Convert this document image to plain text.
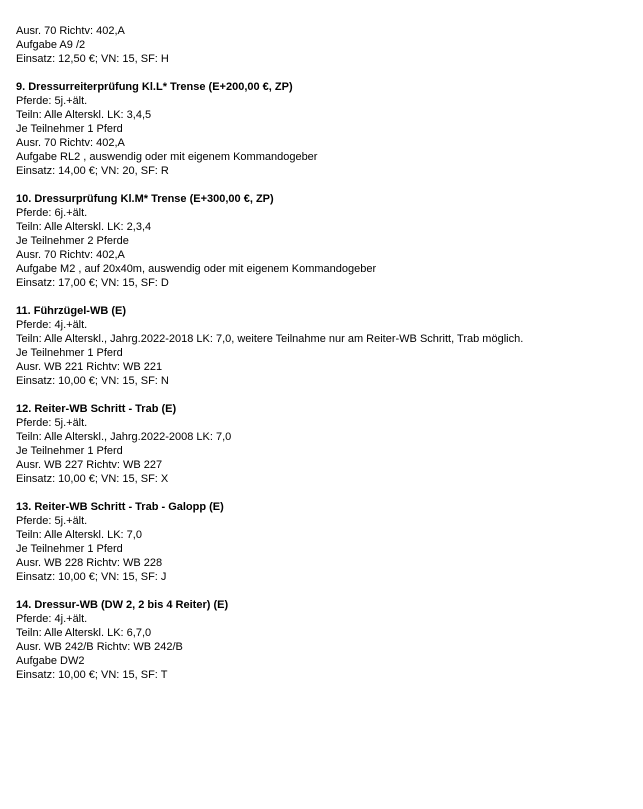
Ausr. 70 Richtv: 402,A
Aufgabe A9 /2
Einsatz: 12,50 €; VN: 15, SF: H
9. Dressurreiterprüfung Kl.L* Trense (E+200,00 €, ZP)
Pferde: 5j.+ält.
Teiln: Alle Alterskl. LK: 3,4,5
Je Teilnehmer 1 Pferd
Ausr. 70 Richtv: 402,A
Aufgabe RL2 , auswendig oder mit eigenem Kommandogeber
Einsatz: 14,00 €; VN: 20, SF: R
10. Dressurprüfung Kl.M* Trense (E+300,00 €, ZP)
Pferde: 6j.+ält.
Teiln: Alle Alterskl. LK: 2,3,4
Je Teilnehmer 2 Pferde
Ausr. 70 Richtv: 402,A
Aufgabe M2 , auf 20x40m, auswendig oder mit eigenem Kommandogeber
Einsatz: 17,00 €; VN: 15, SF: D
11. Führzügel-WB (E)
Pferde: 4j.+ält.
Teiln: Alle Alterskl., Jahrg.2022-2018 LK: 7,0, weitere Teilnahme nur am Reiter-WB Schritt, Trab möglich.
Je Teilnehmer 1 Pferd
Ausr. WB 221 Richtv: WB 221
Einsatz: 10,00 €; VN: 15, SF: N
12. Reiter-WB Schritt - Trab (E)
Pferde: 5j.+ält.
Teiln: Alle Alterskl., Jahrg.2022-2008 LK: 7,0
Je Teilnehmer 1 Pferd
Ausr. WB 227 Richtv: WB 227
Einsatz: 10,00 €; VN: 15, SF: X
13. Reiter-WB Schritt - Trab - Galopp (E)
Pferde: 5j.+ält.
Teiln: Alle Alterskl. LK: 7,0
Je Teilnehmer 1 Pferd
Ausr. WB 228 Richtv: WB 228
Einsatz: 10,00 €; VN: 15, SF: J
14. Dressur-WB (DW 2, 2 bis 4 Reiter) (E)
Pferde: 4j.+ält.
Teiln: Alle Alterskl. LK: 6,7,0
Ausr. WB 242/B Richtv: WB 242/B
Aufgabe DW2
Einsatz: 10,00 €; VN: 15, SF: T
